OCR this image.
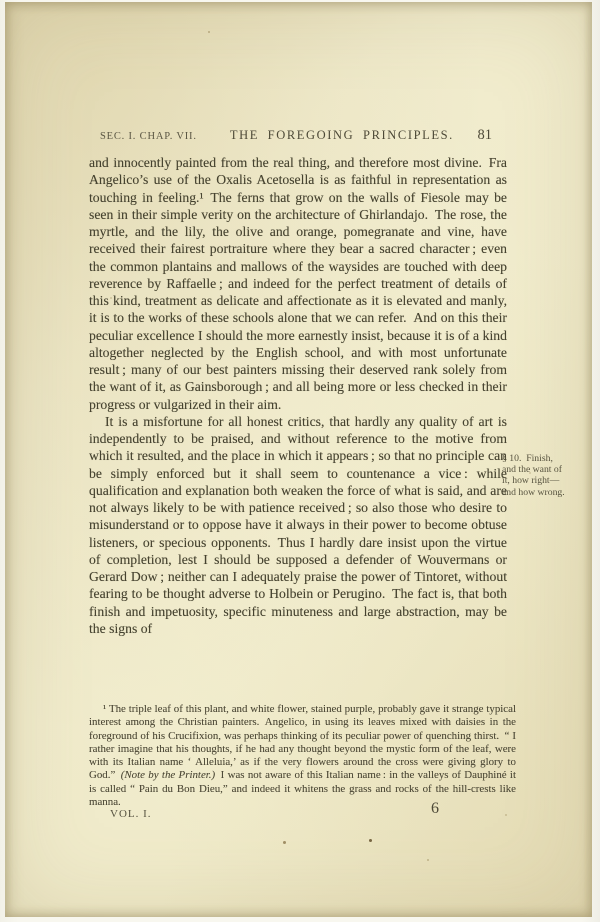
SEC. I. CHAP. VII.	THE FOREGOING PRINCIPLES.	81

and innocently painted from the real thing, and therefore most divine. Fra Angelico’s use of the Oxalis Acetosella is as faithful in representation as touching in feeling.¹ The ferns that grow on the walls of Fiesole may be seen in their simple verity on the architecture of Ghirlandajo. The rose, the myrtle, and the lily, the olive and orange, pomegranate and vine, have received their fairest portraiture where they bear a sacred character ; even the common plantains and mallows of the waysides are touched with deep reverence by Raffaelle ; and indeed for the perfect treatment of details of this kind, treatment as delicate and affectionate as it is elevated and manly, it is to the works of these schools alone that we can refer. And on this their peculiar excellence I should the more earnestly insist, because it is of a kind altogether neglected by the English school, and with most unfortunate result ; many of our best painters missing their deserved rank solely from the want of it, as Gainsborough ; and all being more or less checked in their progress or vulgarized in their aim.

It is a misfortune for all honest critics, that hardly any quality of art is independently to be praised, and without reference to the motive from which it resulted, and the place in which it appears ; so that no principle can be simply enforced but it shall seem to countenance a vice : while qualification and explanation both weaken the force of what is said, and are not always likely to be with patience received ; so also those who desire to misunderstand or to oppose have it always in their power to become obtuse listeners, or specious opponents. Thus I hardly dare insist upon the virtue of completion, lest I should be supposed a defender of Wouvermans or Gerard Dow ; neither can I adequately praise the power of Tintoret, without fearing to be thought adverse to Holbein or Perugino. The fact is, that both finish and impetuosity, specific minuteness and large abstraction, may be the signs of

§ 10. Finish, and the want of it, how right—and how wrong.
¹ The triple leaf of this plant, and white flower, stained purple, probably gave it strange typical interest among the Christian painters. Angelico, in using its leaves mixed with daisies in the foreground of his Crucifixion, was perhaps thinking of its peculiar power of quenching thirst. “ I rather imagine that his thoughts, if he had any thought beyond the mystic form of the leaf, were with its Italian name ‘ Alleluia,’ as if the very flowers around the cross were giving glory to God.” (Note by the Printer.) I was not aware of this Italian name : in the valleys of Dauphiné it is called “ Pain du Bon Dieu,” and indeed it whitens the grass and rocks of the hill-crests like manna.
VOL. I.	6
